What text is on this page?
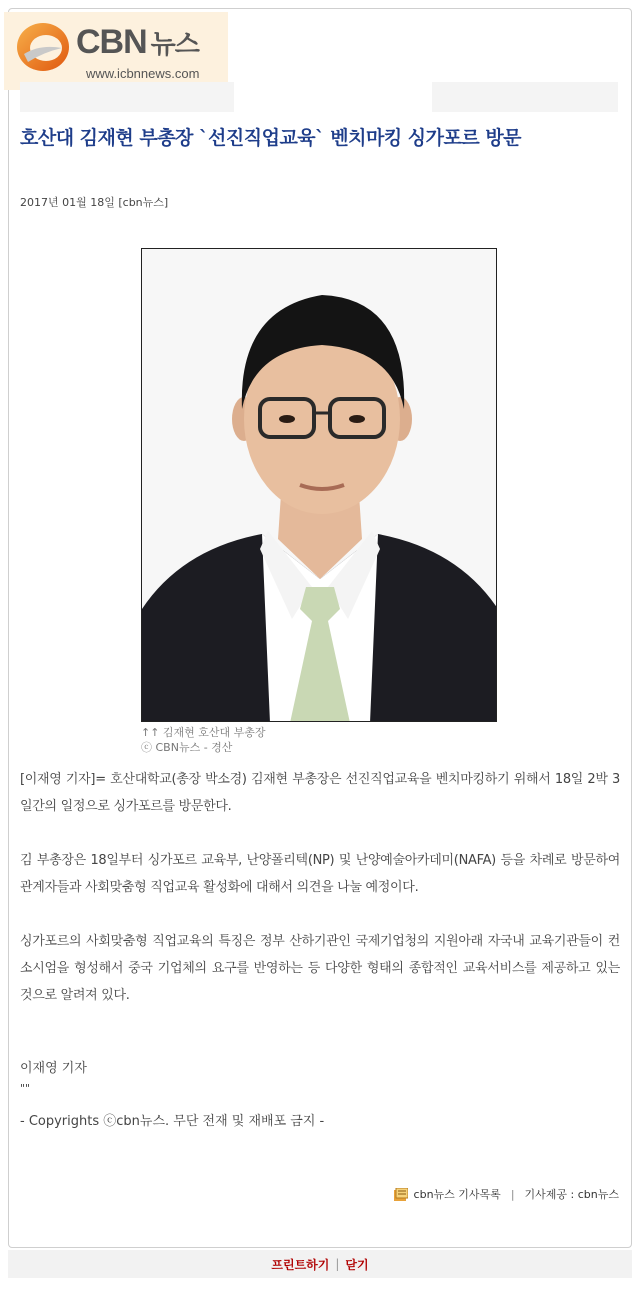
CBN 뉴스
www.icbnnews.com
호산대 김재현 부총장 `선진직업교육` 벤치마킹 싱가포르 방문
2017년 01월 18일 [cbn뉴스]
↑↑ 김재현 호산대 부총장
ⓒ CBN뉴스 - 경산

[이재영 기자]= 호산대학교(총장 박소경) 김재현 부총장은 선진직업교육을 벤치마킹하기 위해서 18일 2박 3일간의 일정으로 싱가포르를 방문한다.

김 부총장은 18일부터 싱가포르 교육부, 난양폴리텍(NP) 및 난양예술아카데미(NAFA) 등을 차례로 방문하여 관계자들과 사회맞춤형 직업교육 활성화에 대해서 의견을 나눌 예정이다.

싱가포르의 사회맞춤형 직업교육의 특징은 정부 산하기관인 국제기업청의 지원아래 자국내 교육기관들이 컨소시엄을 형성해서 중국 기업체의 요구를 반영하는 등 다양한 형태의 종합적인 교육서비스를 제공하고 있는 것으로 알려져 있다.

이재영 기자
""
- Copyrights ⓒcbn뉴스. 무단 전재 및 재배포 금지 -
cbn뉴스 기사목록 | 기사제공 : cbn뉴스
프린트하기 | 닫기
